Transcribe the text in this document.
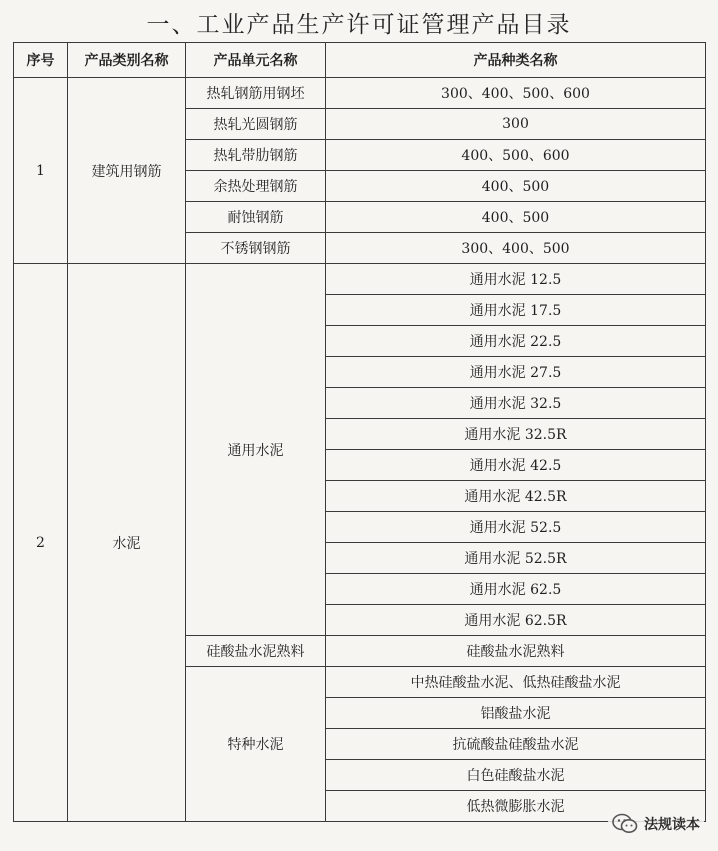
一、工业产品生产许可证管理产品目录
序号	产品类别名称	产品单元名称	产品种类名称
1	建筑用钢筋	热轧钢筋用钢坯	300、400、500、600
		热轧光圆钢筋	300
		热轧带肋钢筋	400、500、600
		余热处理钢筋	400、500
		耐蚀钢筋	400、500
		不锈钢钢筋	300、400、500
2	水泥	通用水泥	通用水泥 12.5
			通用水泥 17.5
			通用水泥 22.5
			通用水泥 27.5
			通用水泥 32.5
			通用水泥 32.5R
			通用水泥 42.5
			通用水泥 42.5R
			通用水泥 52.5
			通用水泥 52.5R
			通用水泥 62.5
			通用水泥 62.5R
		硅酸盐水泥熟料	硅酸盐水泥熟料
		特种水泥	中热硅酸盐水泥、低热硅酸盐水泥
			铝酸盐水泥
			抗硫酸盐硅酸盐水泥
			白色硅酸盐水泥
			低热微膨胀水泥
法规读本
